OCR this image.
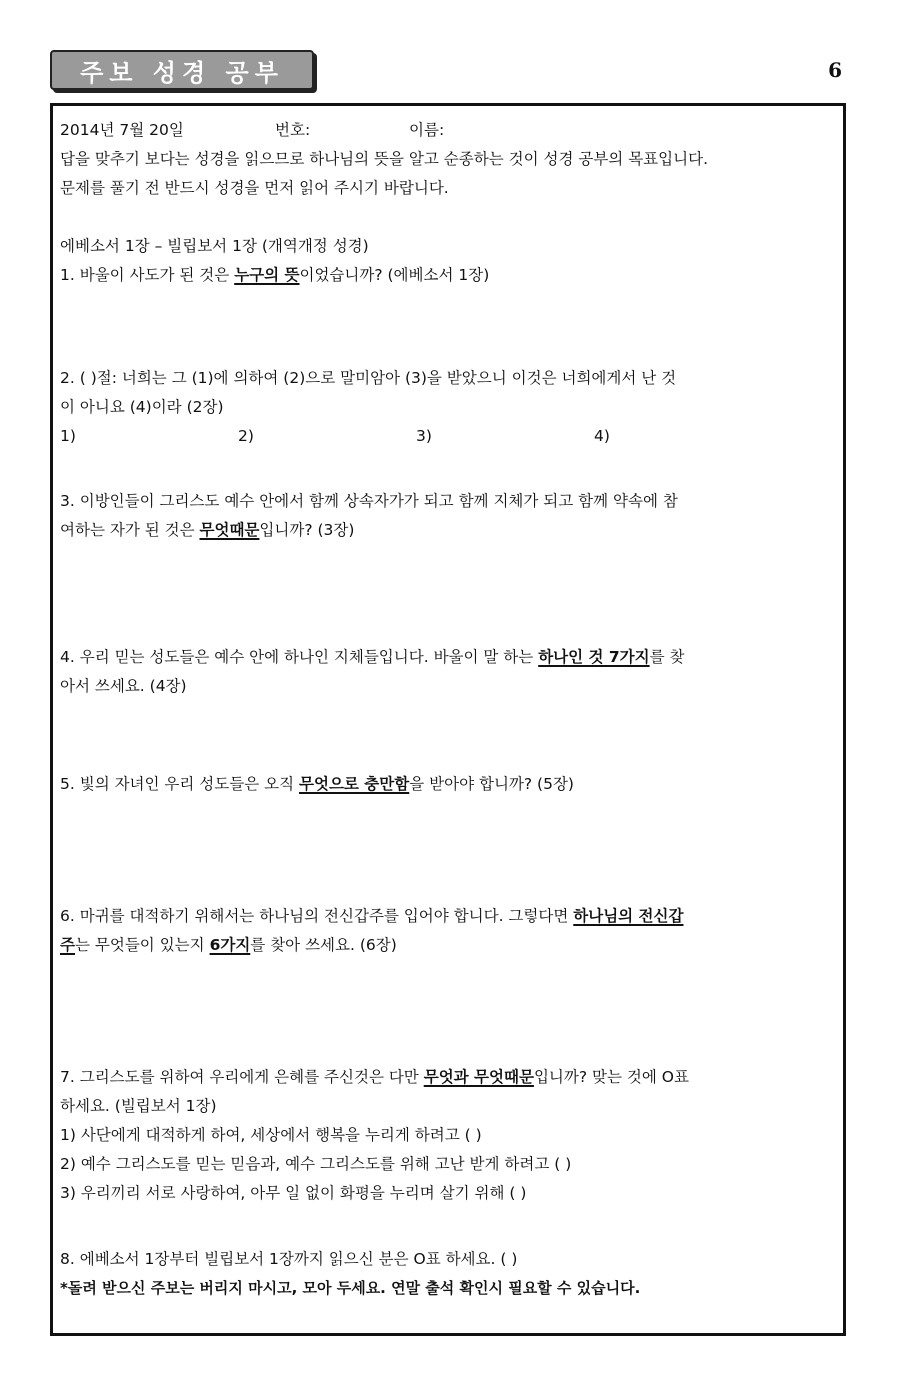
주보 성경 공부	6
2014년 7월 20일	번호:	이름:
답을 맞추기 보다는 성경을 읽으므로 하나님의 뜻을 알고 순종하는 것이 성경 공부의 목표입니다.
문제를 풀기 전 반드시 성경을 먼저 읽어 주시기 바랍니다.
에베소서 1장 – 빌립보서 1장 (개역개정 성경)
1. 바울이 사도가 된 것은 누구의 뜻이었습니까? (에베소서 1장)
2. ( )절: 너희는 그 (1)에 의하여 (2)으로 말미암아 (3)을 받았으니 이것은 너희에게서 난 것
이 아니요 (4)이라 (2장)
1)	2)	3)	4)
3. 이방인들이 그리스도 예수 안에서 함께 상속자가가 되고 함께 지체가 되고 함께 약속에 참
여하는 자가 된 것은 무엇때문입니까? (3장)
4. 우리 믿는 성도들은 예수 안에 하나인 지체들입니다. 바울이 말 하는 하나인 것 7가지를 찾
아서 쓰세요. (4장)
5. 빛의 자녀인 우리 성도들은 오직 무엇으로 충만함을 받아야 합니까? (5장)
6. 마귀를 대적하기 위해서는 하나님의 전신갑주를 입어야 합니다. 그렇다면 하나님의 전신갑
주는 무엇들이 있는지 6가지를 찾아 쓰세요. (6장)
7. 그리스도를 위하여 우리에게 은혜를 주신것은 다만 무엇과 무엇때문입니까? 맞는 것에 O표
하세요. (빌립보서 1장)
1) 사단에게 대적하게 하여, 세상에서 행복을 누리게 하려고 ( )
2) 예수 그리스도를 믿는 믿음과, 예수 그리스도를 위해 고난 받게 하려고 ( )
3) 우리끼리 서로 사랑하여, 아무 일 없이 화평을 누리며 살기 위해 ( )
8. 에베소서 1장부터 빌립보서 1장까지 읽으신 분은 O표 하세요. ( )
*돌려 받으신 주보는 버리지 마시고, 모아 두세요. 연말 출석 확인시 필요할 수 있습니다.
